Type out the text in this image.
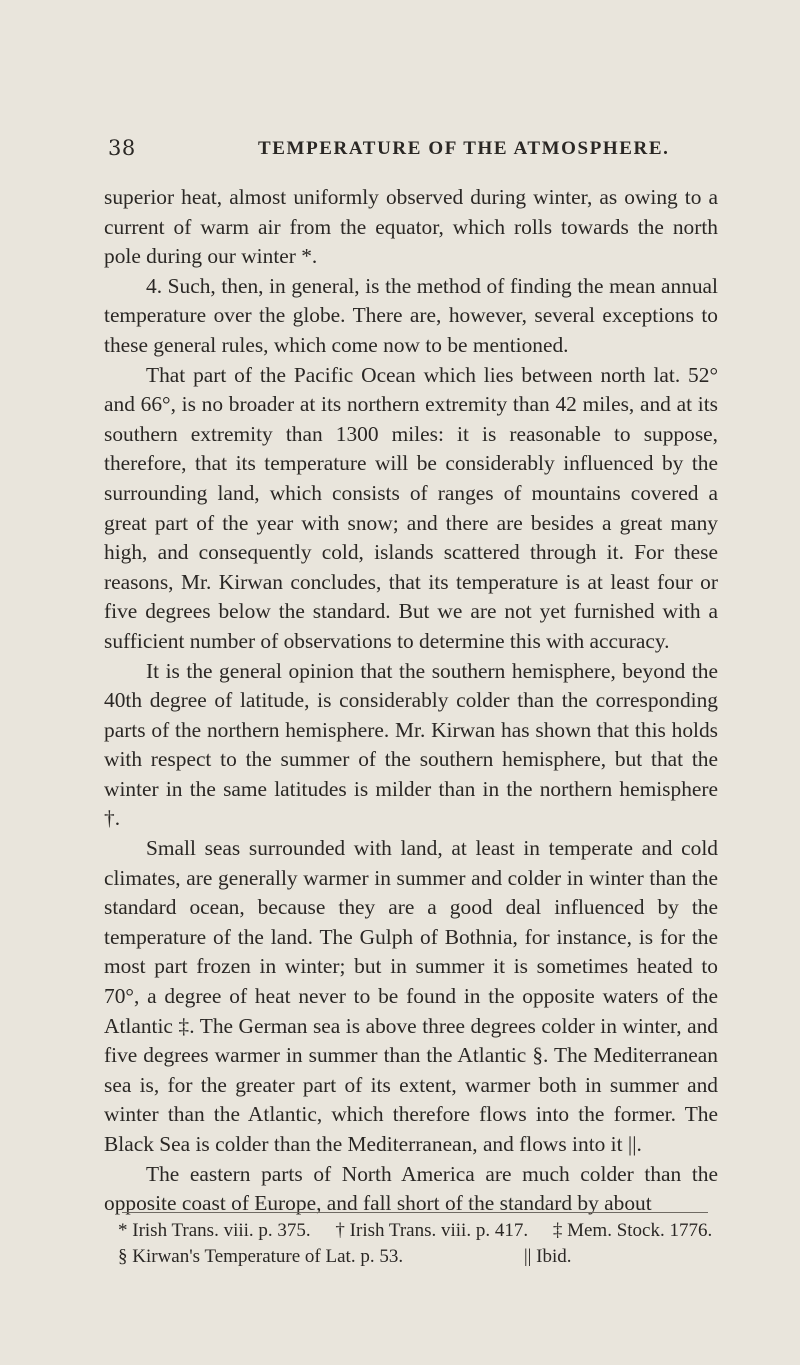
38	TEMPERATURE OF THE ATMOSPHERE.

superior heat, almost uniformly observed during winter, as owing to a current of warm air from the equator, which rolls towards the north pole during our winter *.

4. Such, then, in general, is the method of finding the mean annual temperature over the globe. There are, however, several exceptions to these general rules, which come now to be mentioned.

That part of the Pacific Ocean which lies between north lat. 52° and 66°, is no broader at its northern extremity than 42 miles, and at its southern extremity than 1300 miles: it is reasonable to suppose, therefore, that its temperature will be considerably influenced by the surrounding land, which consists of ranges of mountains covered a great part of the year with snow; and there are besides a great many high, and consequently cold, islands scattered through it. For these reasons, Mr. Kirwan concludes, that its temperature is at least four or five degrees below the standard. But we are not yet furnished with a sufficient number of observations to determine this with accuracy.

It is the general opinion that the southern hemisphere, beyond the 40th degree of latitude, is considerably colder than the corresponding parts of the northern hemisphere. Mr. Kirwan has shown that this holds with respect to the summer of the southern hemisphere, but that the winter in the same latitudes is milder than in the northern hemisphere †.

Small seas surrounded with land, at least in temperate and cold climates, are generally warmer in summer and colder in winter than the standard ocean, because they are a good deal influenced by the temperature of the land. The Gulph of Bothnia, for instance, is for the most part frozen in winter; but in summer it is sometimes heated to 70°, a degree of heat never to be found in the opposite waters of the Atlantic ‡. The German sea is above three degrees colder in winter, and five degrees warmer in summer than the Atlantic §. The Mediterranean sea is, for the greater part of its extent, warmer both in summer and winter than the Atlantic, which therefore flows into the former. The Black Sea is colder than the Mediterranean, and flows into it ||.

The eastern parts of North America are much colder than the opposite coast of Europe, and fall short of the standard by about

* Irish Trans. viii. p. 375. † Irish Trans. viii. p. 417. ‡ Mem. Stock. 1776.
§ Kirwan's Temperature of Lat. p. 53.	|| Ibid.
